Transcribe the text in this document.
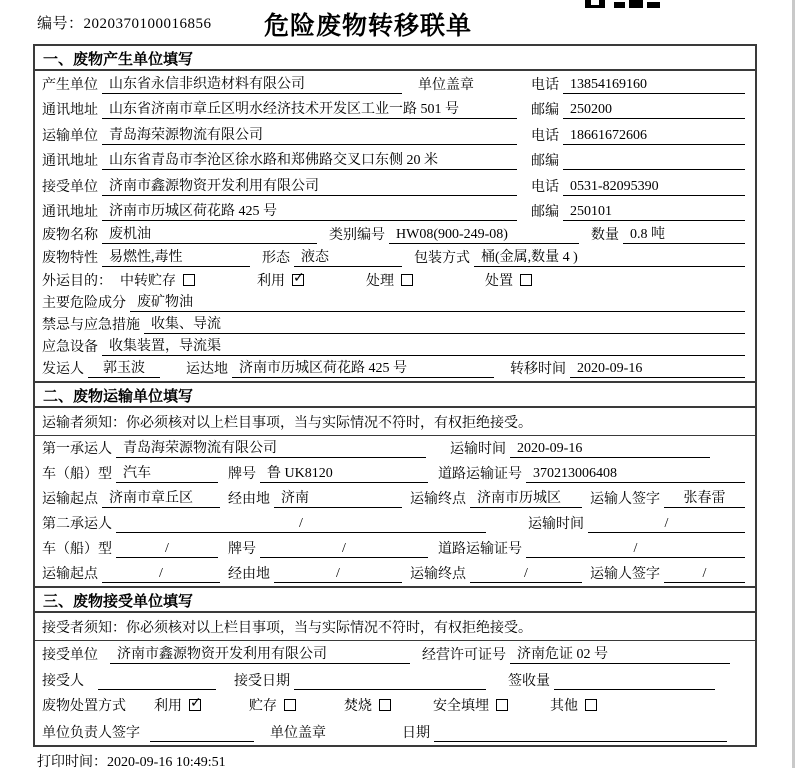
编号：2020370100016856	危险废物转移联单
一、废物产生单位填写
产生单位 山东省永信非织造材料有限公司	单位盖章	电话 13854169160
通讯地址 山东省济南市章丘区明水经济技术开发区工业一路 501 号	邮编 250200
运输单位 青岛海荣源物流有限公司	电话 18661672606
通讯地址 山东省青岛市李沧区徐水路和郑佛路交叉口东侧 20 米	邮编
接受单位 济南市鑫源物资开发利用有限公司	电话 0531-82095390
通讯地址 济南市历城区荷花路 425 号	邮编 250101
废物名称 废机油	类别编号 HW08(900-249-08)	数量 0.8 吨
废物特性 易燃性,毒性	形态 液态	包装方式 桶(金属,数量 4 )
外运目的： 中转贮存	利用 ✓	处理	处置
主要危险成分 废矿物油
禁忌与应急措施 收集、导流
应急设备 收集装置，导流渠
发运人	郭玉波	运达地 济南市历城区荷花路 425 号	转移时间 2020-09-16
二、废物运输单位填写
运输者须知： 你必须核对以上栏目事项，当与实际情况不符时，有权拒绝接受。
第一承运人 青岛海荣源物流有限公司	运输时间 2020-09-16
车（船）型 汽车	牌号 鲁 UK8120	道路运输证号 370213006408
运输起点 济南市章丘区	经由地 济南	运输终点 济南市历城区	运输人签字	张春雷
第二承运人	/	运输时间	/
车（船）型	/	牌号	/	道路运输证号	/
运输起点	/	经由地	/	运输终点	/	运输人签字	/
三、废物接受单位填写
接受者须知： 你必须核对以上栏目事项，当与实际情况不符时，有权拒绝接受。
接受单位	济南市鑫源物资开发利用有限公司	经营许可证号 济南危证 02 号
接受人	接受日期	签收量
废物处置方式 利用 ✓	贮存	焚烧	安全填埋	其他
单位负责人签字	单位盖章	日期
打印时间：2020-09-16 10:49:51
